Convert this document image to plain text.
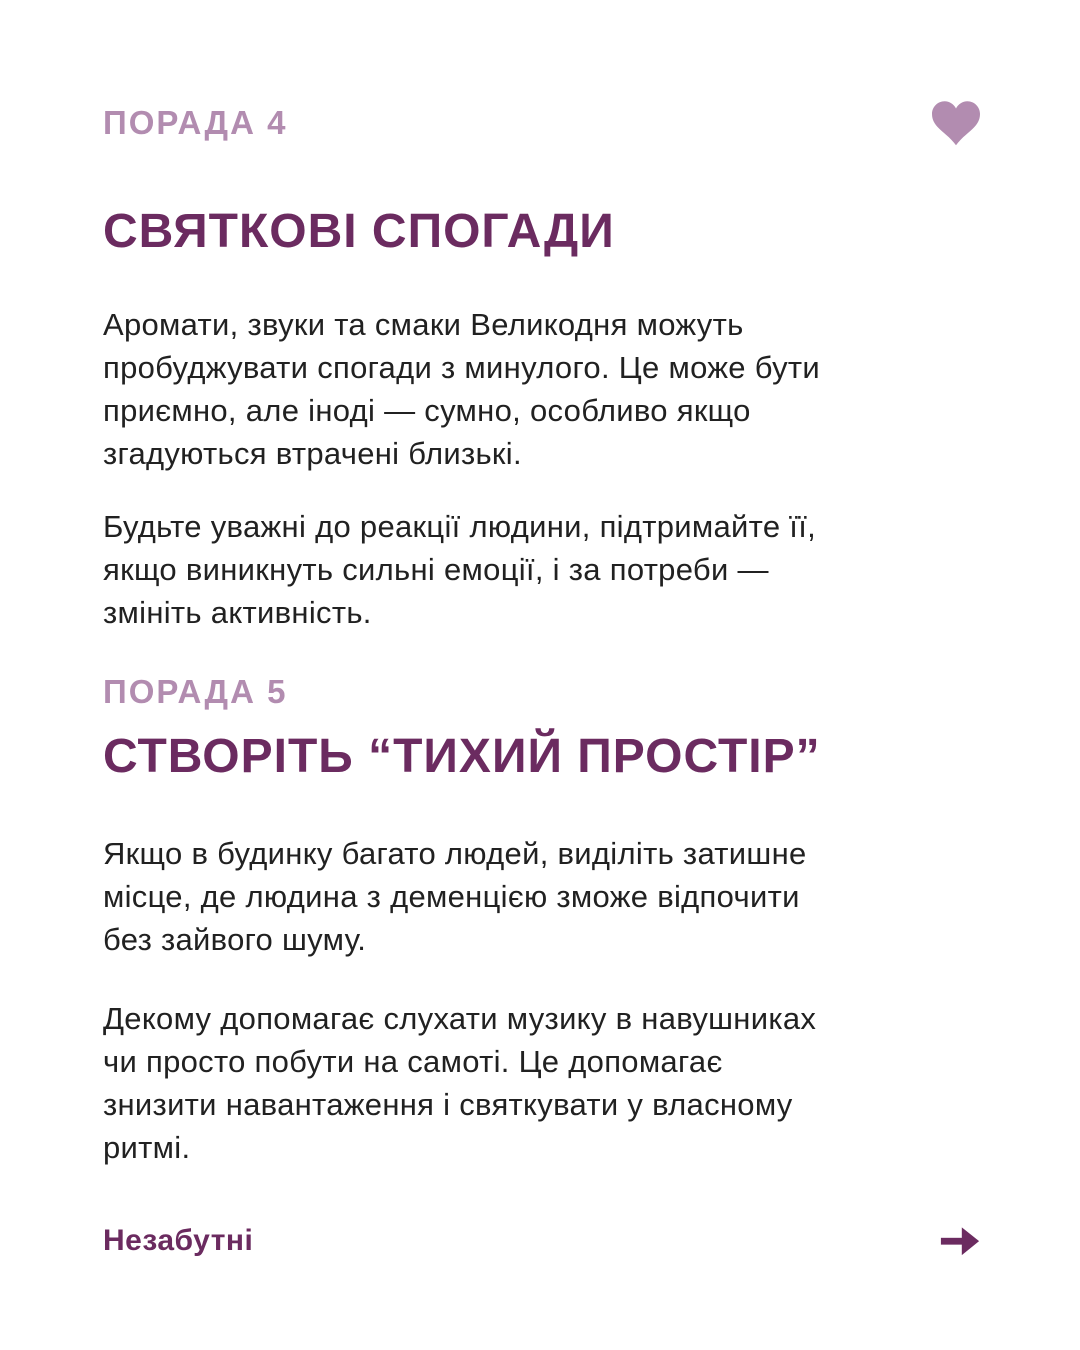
ПОРАДА 4
СВЯТКОВІ СПОГАДИ

Аромати, звуки та смаки Великодня можуть
пробуджувати спогади з минулого. Це може бути
приємно, але іноді — сумно, особливо якщо
згадуються втрачені близькі.

Будьте уважні до реакції людини, підтримайте її,
якщо виникнуть сильні емоції, і за потреби —
змініть активність.

ПОРАДА 5
СТВОРІТЬ “ТИХИЙ ПРОСТІР”

Якщо в будинку багато людей, виділіть затишне
місце, де людина з деменцією зможе відпочити
без зайвого шуму.

Декому допомагає слухати музику в навушниках
чи просто побути на самоті. Це допомагає
знизити навантаження і святкувати у власному
ритмі.

Незабутні
